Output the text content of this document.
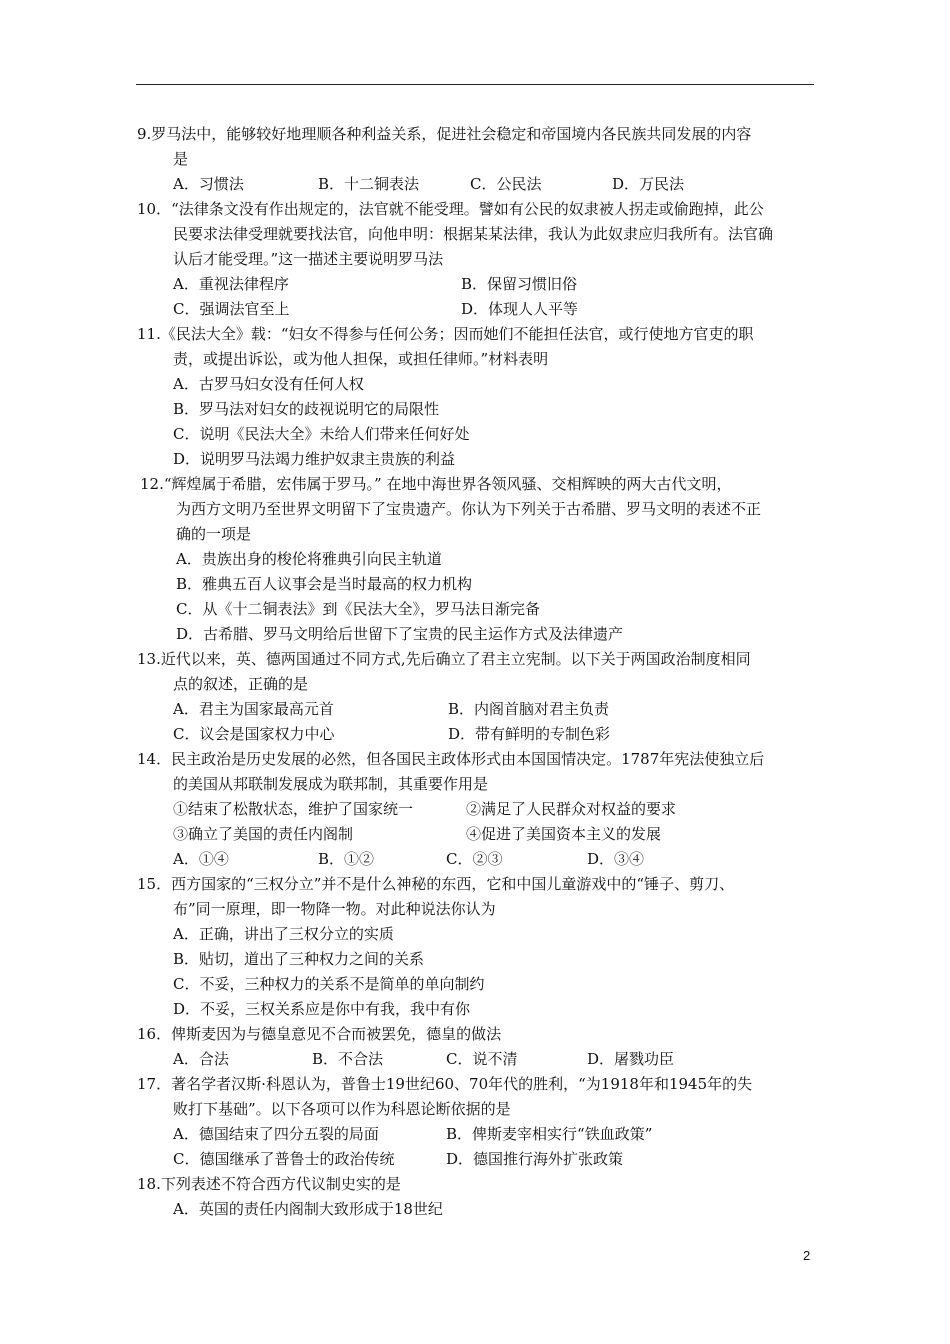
9.罗马法中，能够较好地理顺各种利益关系，促进社会稳定和帝国境内各民族共同发展的内容
是
A．习惯法	B．十二铜表法	C．公民法	D．万民法
10．“法律条文没有作出规定的，法官就不能受理。譬如有公民的奴隶被人拐走或偷跑掉，此公
民要求法律受理就要找法官，向他申明：根据某某法律，我认为此奴隶应归我所有。法官确
认后才能受理。”这一描述主要说明罗马法
A．重视法律程序	B．保留习惯旧俗
C．强调法官至上	D．体现人人平等
11.《民法大全》载：“妇女不得参与任何公务；因而她们不能担任法官，或行使地方官吏的职
责，或提出诉讼，或为他人担保，或担任律师。”材料表明
A．古罗马妇女没有任何人权
B．罗马法对妇女的歧视说明它的局限性
C．说明《民法大全》未给人们带来任何好处
D．说明罗马法竭力维护奴隶主贵族的利益
12.“辉煌属于希腊，宏伟属于罗马。” 在地中海世界各领风骚、交相辉映的两大古代文明，
为西方文明乃至世界文明留下了宝贵遗产。你认为下列关于古希腊、罗马文明的表述不正
确的一项是
A．贵族出身的梭伦将雅典引向民主轨道
B．雅典五百人议事会是当时最高的权力机构
C．从《十二铜表法》到《民法大全》，罗马法日渐完备
D．古希腊、罗马文明给后世留下了宝贵的民主运作方式及法律遗产
13.近代以来，英、德两国通过不同方式,先后确立了君主立宪制。以下关于两国政治制度相同
点的叙述，正确的是
A．君主为国家最高元首	B．内阁首脑对君主负责
C．议会是国家权力中心	D．带有鲜明的专制色彩
14．民主政治是历史发展的必然，但各国民主政体形式由本国国情决定。1787年宪法使独立后
的美国从邦联制发展成为联邦制，其重要作用是
①结束了松散状态，维护了国家统一	②满足了人民群众对权益的要求
③确立了美国的责任内阁制	④促进了美国资本主义的发展
A．①④	B．①②	C．②③	D．③④
15．西方国家的“三权分立”并不是什么神秘的东西，它和中国儿童游戏中的“锤子、剪刀、
布”同一原理，即一物降一物。对此种说法你认为
A．正确，讲出了三权分立的实质
B．贴切，道出了三种权力之间的关系
C．不妥，三种权力的关系不是简单的单向制约
D．不妥，三权关系应是你中有我，我中有你
16．俾斯麦因为与德皇意见不合而被罢免，德皇的做法
A．合法	B．不合法	C．说不清	D．屠戮功臣
17．著名学者汉斯·科恩认为，普鲁士19世纪60、70年代的胜利，“为1918年和1945年的失
败打下基础”。以下各项可以作为科恩论断依据的是
A．德国结束了四分五裂的局面	B．俾斯麦宰相实行“铁血政策”
C．德国继承了普鲁士的政治传统	D．德国推行海外扩张政策
18.下列表述不符合西方代议制史实的是
A．英国的责任内阁制大致形成于18世纪
2
